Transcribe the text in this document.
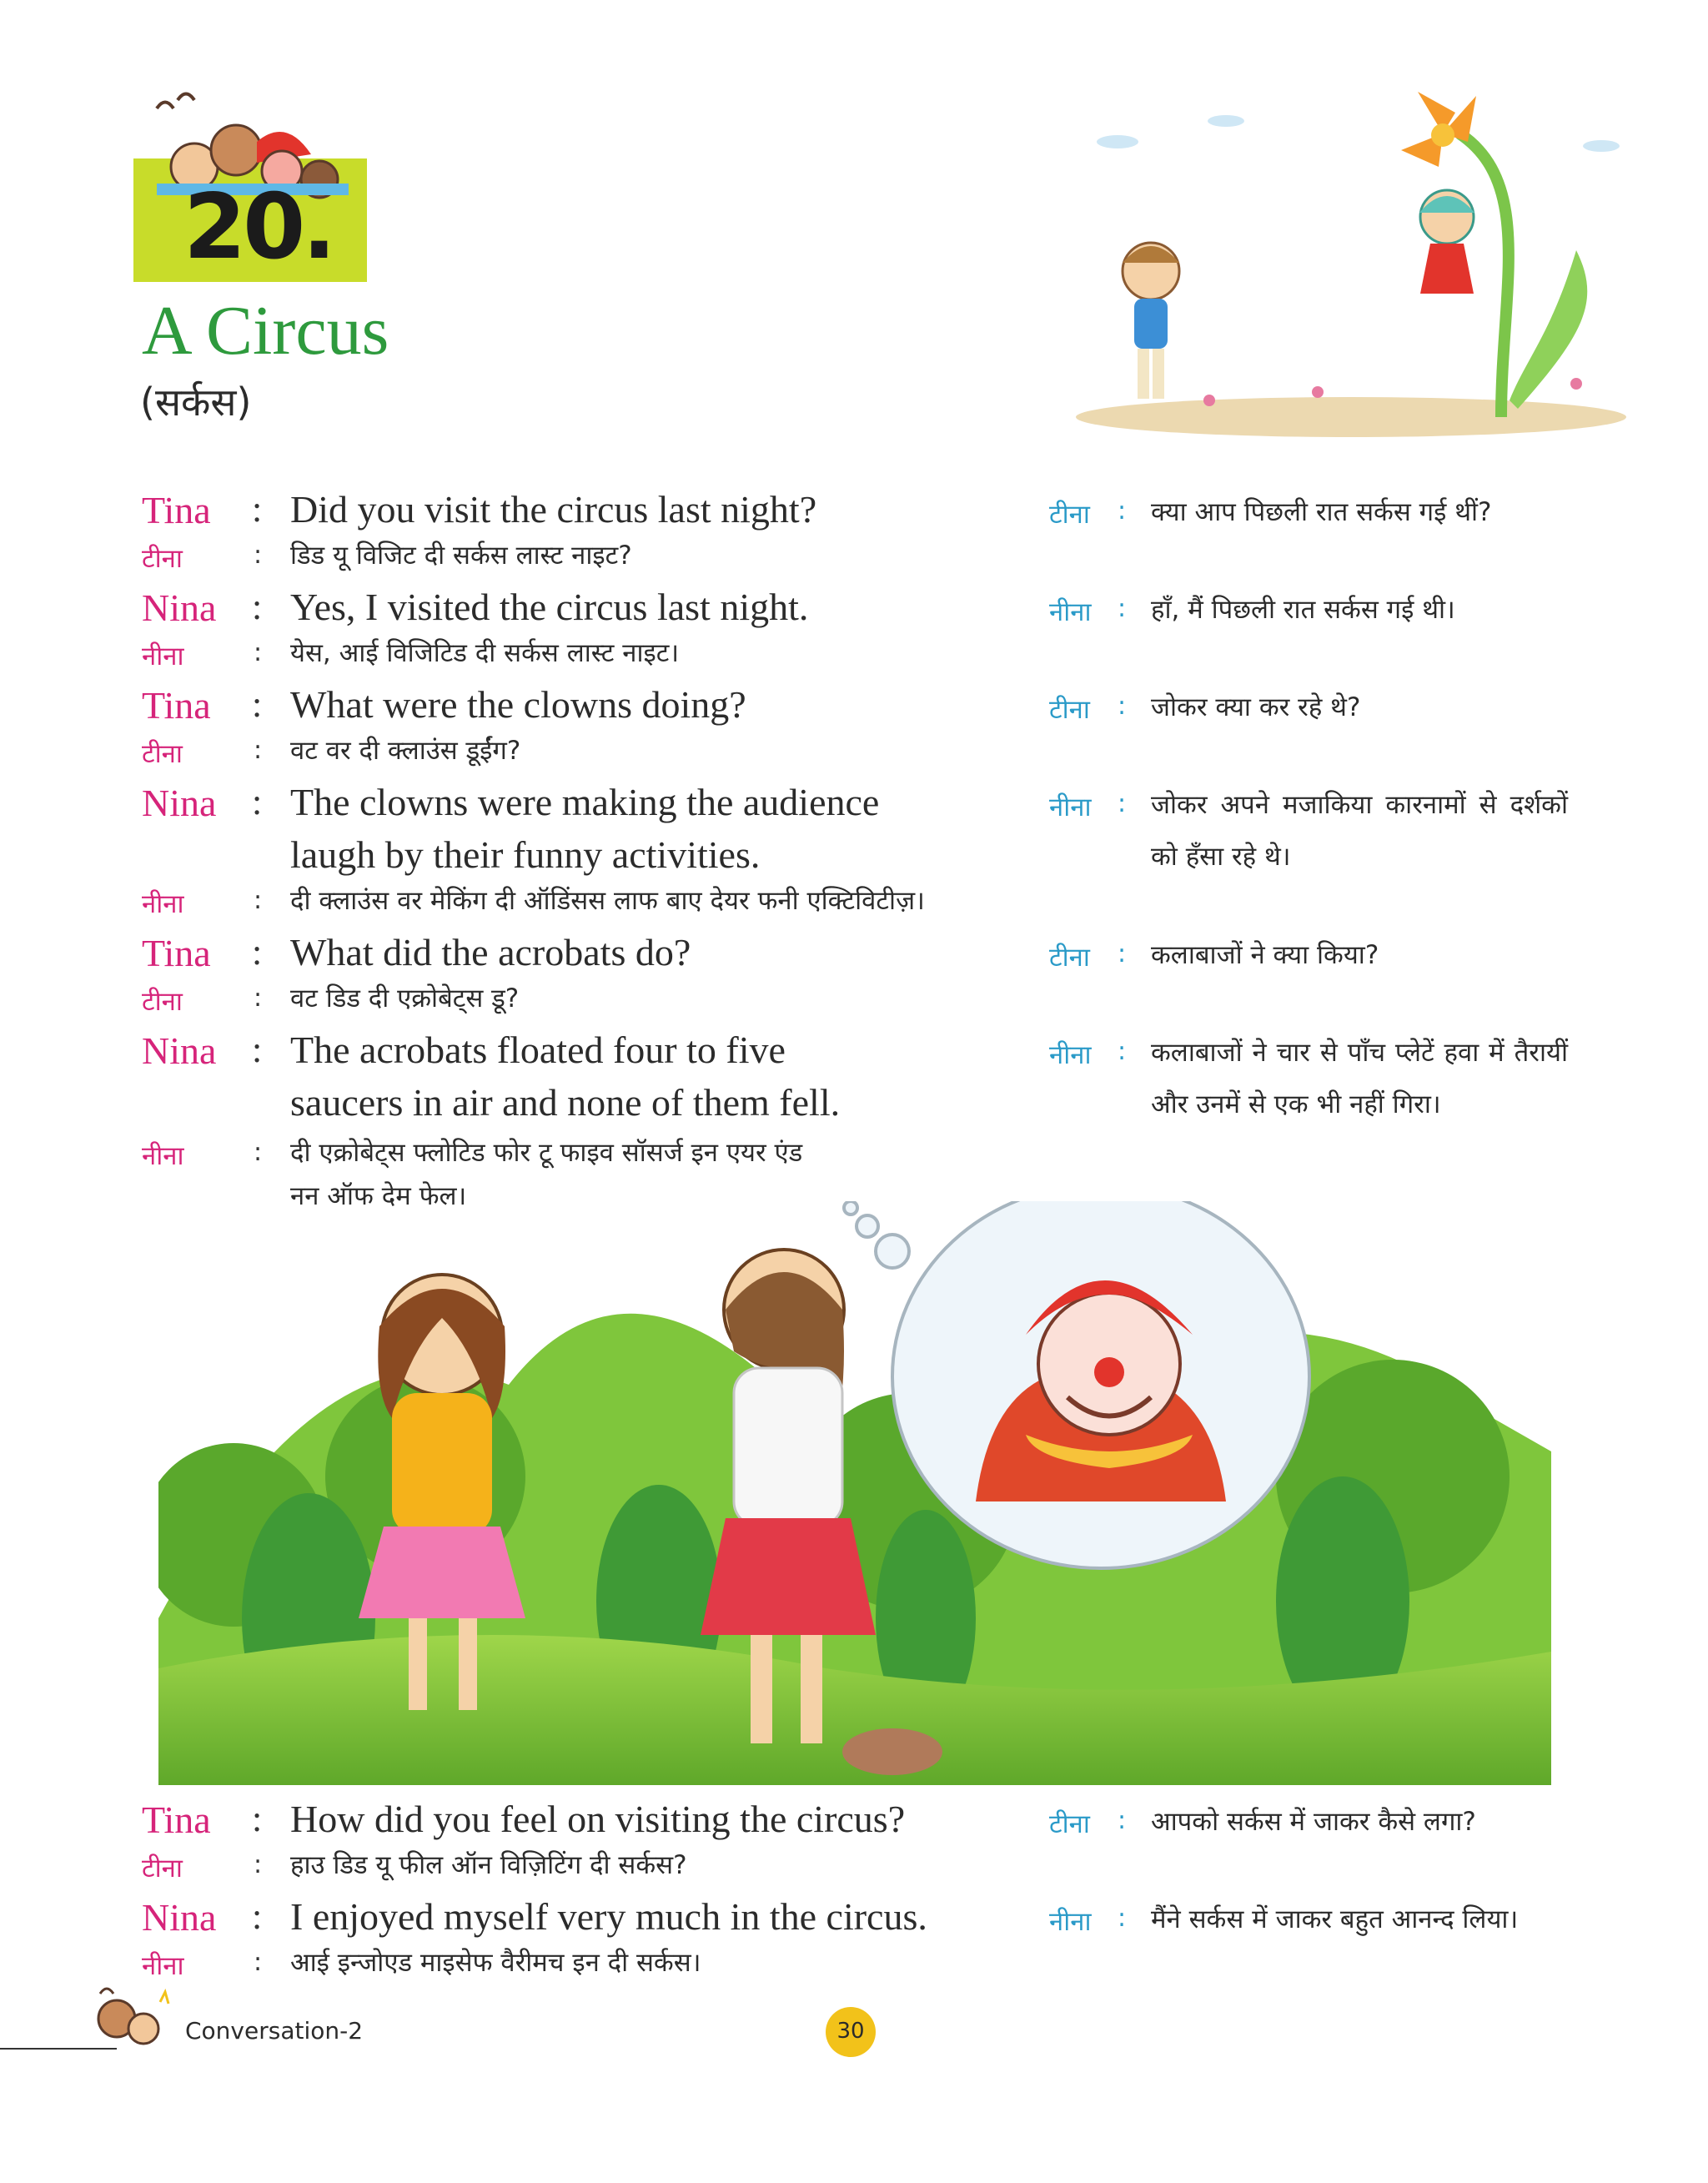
20.
A Circus
(सर्कस)
Tina	: Did you visit the circus last night?
टीना	:	डिड यू विजिट दी सर्कस लास्ट नाइट?
टीना	: क्या आप पिछली रात सर्कस गई थीं?
Nina : Yes, I visited the circus last night.
नीना	:	येस, आई विजिटिड दी सर्कस लास्ट नाइट।
नीना	: हाँ, मैं पिछली रात सर्कस गई थी।
Tina	: What were the clowns doing?
टीना	:	वट वर दी क्लाउंस डूईंग?
टीना	: जोकर क्या कर रहे थे?
Nina : The clowns were making the audience
laugh by their funny activities.
नीना	:	दी क्लाउंस वर मेकिंग दी ऑडिंसस लाफ बाए देयर फनी एक्टिविटीज़।
नीना	: जोकर अपने मजाकिया कारनामों से दर्शकों को हँसा रहे थे।
Tina	: What did the acrobats do?
टीना	:	वट डिड दी एक्रोबेट्स डू?
टीना	: कलाबाजों ने क्या किया?
Nina : The acrobats floated four to five
saucers in air and none of them fell.
नीना	:	दी एक्रोबेट्स फ्लोटिड फोर टू फाइव सॉसर्ज इन एयर एंड
नन ऑफ देम फेल।
नीना	: कलाबाजों ने चार से पाँच प्लेटें हवा में तैरायीं और उनमें से एक भी नहीं गिरा।
Tina	: How did you feel on visiting the circus?
टीना	:	हाउ डिड यू फील ऑन विज़िटिंग दी सर्कस?
टीना	: आपको सर्कस में जाकर कैसे लगा?
Nina : I enjoyed myself very much in the circus.
नीना	:	आई इन्जोएड माइसेफ वैरीमच इन दी सर्कस।
नीना	: मैंने सर्कस में जाकर बहुत आनन्द लिया।
Conversation-2	30
